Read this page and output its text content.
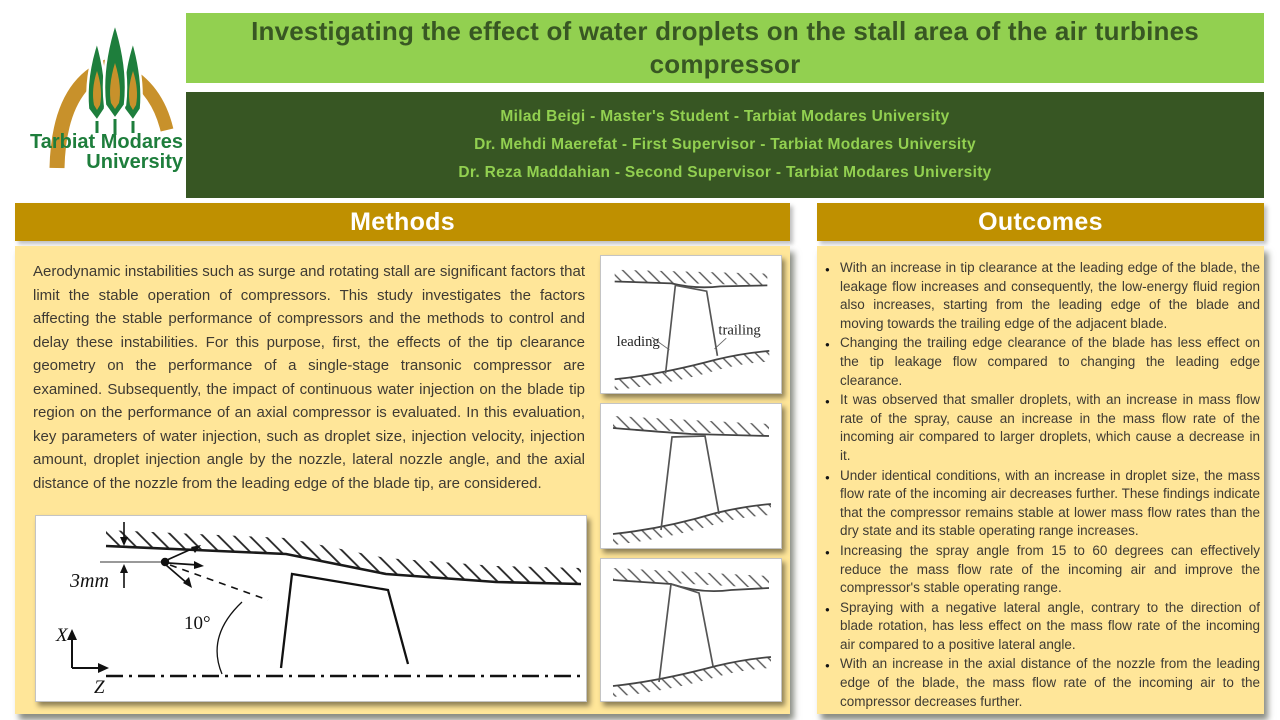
Tarbiat Modares
University
Investigating the effect of water droplets on the stall area of the air turbines compressor
Milad Beigi - Master's Student - Tarbiat Modares University
Dr. Mehdi Maerefat - First Supervisor - Tarbiat Modares University
Dr. Reza Maddahian - Second Supervisor - Tarbiat Modares University
Methods	Outcomes
Aerodynamic instabilities such as surge and rotating stall are significant factors that limit the stable operation of compressors. This study investigates the factors affecting the stable performance of compressors and the methods to control and delay these instabilities. For this purpose, first, the effects of the tip clearance geometry on the performance of a single-stage transonic compressor are examined. Subsequently, the impact of continuous water injection on the blade tip region on the performance of an axial compressor is evaluated. In this evaluation, key parameters of water injection, such as droplet size, injection velocity, injection amount, droplet injection angle by the nozzle, lateral nozzle angle, and the axial distance of the nozzle from the leading edge of the blade tip, are considered.
leading
trailing
3mm
10°
X
Z
● With an increase in tip clearance at the leading edge of the blade, the leakage flow increases and consequently, the low-energy fluid region also increases, starting from the leading edge of the blade and moving towards the trailing edge of the adjacent blade.
● Changing the trailing edge clearance of the blade has less effect on the tip leakage flow compared to changing the leading edge clearance.
● It was observed that smaller droplets, with an increase in mass flow rate of the spray, cause an increase in the mass flow rate of the incoming air compared to larger droplets, which cause a decrease in it.
● Under identical conditions, with an increase in droplet size, the mass flow rate of the incoming air decreases further. These findings indicate that the compressor remains stable at lower mass flow rates than the dry state and its stable operating range increases.
● Increasing the spray angle from 15 to 60 degrees can effectively reduce the mass flow rate of the incoming air and improve the compressor's stable operating range.
● Spraying with a negative lateral angle, contrary to the direction of blade rotation, has less effect on the mass flow rate of the incoming air compared to a positive lateral angle.
● With an increase in the axial distance of the nozzle from the leading edge of the blade, the mass flow rate of the incoming air to the compressor decreases further.
